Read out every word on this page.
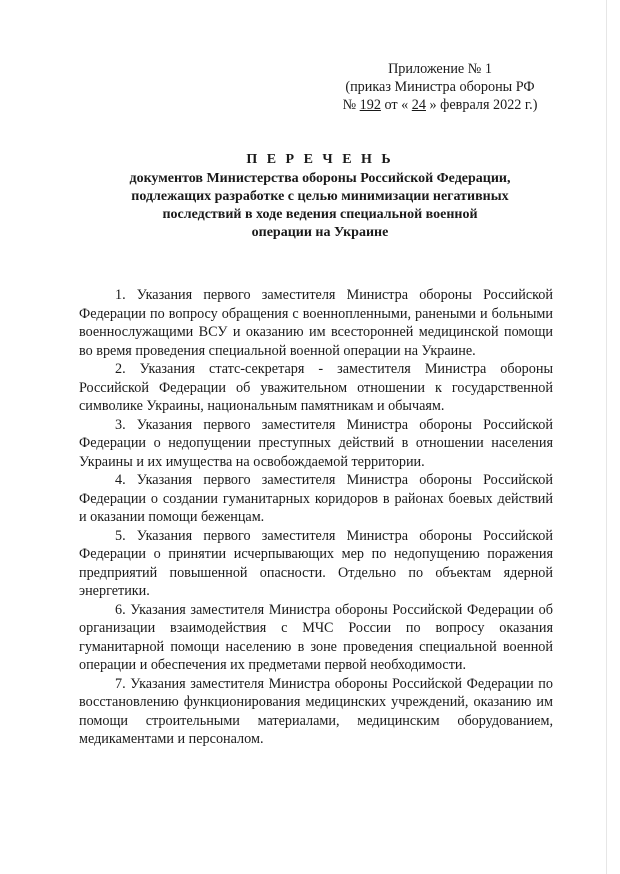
Приложение № 1
(приказ Министра обороны РФ
№ 192 от « 24 » февраля 2022 г.)
П Е Р Е Ч Е Н Ь
документов Министерства обороны Российской Федерации,
подлежащих разработке с целью минимизации негативных
последствий в ходе ведения специальной военной
операции на Украине

1. Указания первого заместителя Министра обороны Российской Федерации по вопросу обращения с военнопленными, ранеными и больными военнослужащими ВСУ и оказанию им всесторонней медицинской помощи во время проведения специальной военной операции на Украине.

2. Указания статс-секретаря - заместителя Министра обороны Российской Федерации об уважительном отношении к государственной символике Украины, национальным памятникам и обычаям.

3. Указания первого заместителя Министра обороны Российской Федерации о недопущении преступных действий в отношении населения Украины и их имущества на освобождаемой территории.

4. Указания первого заместителя Министра обороны Российской Федерации о создании гуманитарных коридоров в районах боевых действий и оказании помощи беженцам.

5. Указания первого заместителя Министра обороны Российской Федерации о принятии исчерпывающих мер по недопущению поражения предприятий повышенной опасности. Отдельно по объектам ядерной энергетики.

6. Указания заместителя Министра обороны Российской Федерации об организации взаимодействия с МЧС России по вопросу оказания гуманитарной помощи населению в зоне проведения специальной военной операции и обеспечения их предметами первой необходимости.

7. Указания заместителя Министра обороны Российской Федерации по восстановлению функционирования медицинских учреждений, оказанию им помощи строительными материалами, медицинским оборудованием, медикаментами и персоналом.
